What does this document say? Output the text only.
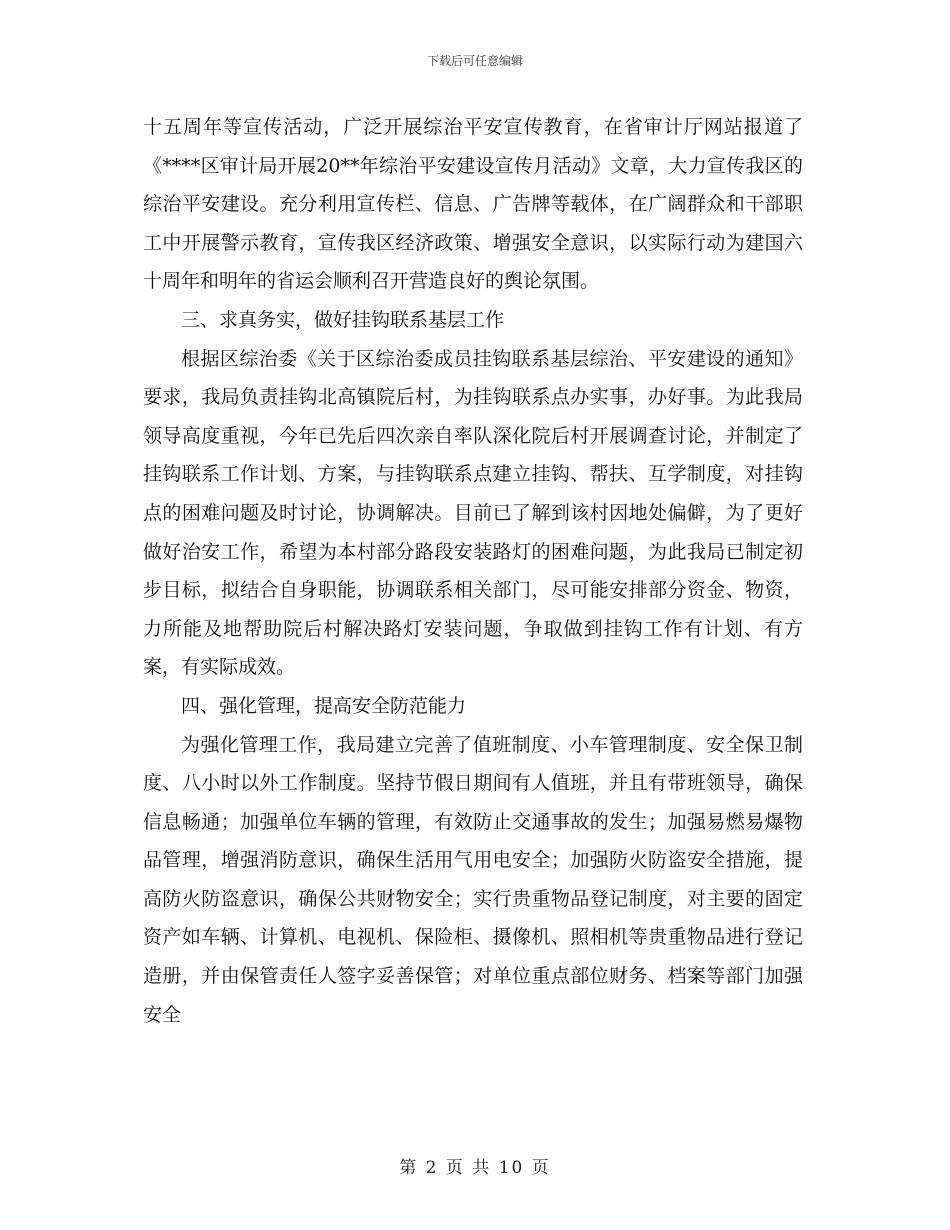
下载后可任意编辑

十五周年等宣传活动，广泛开展综治平安宣传教育，在省审计厅网站报道了《****区审计局开展20**年综治平安建设宣传月活动》文章，大力宣传我区的综治平安建设。充分利用宣传栏、信息、广告牌等载体，在广阔群众和干部职工中开展警示教育，宣传我区经济政策、增强安全意识，以实际行动为建国六十周年和明年的省运会顺利召开营造良好的舆论氛围。

三、求真务实，做好挂钩联系基层工作

根据区综治委《关于区综治委成员挂钩联系基层综治、平安建设的通知》要求，我局负责挂钩北高镇院后村，为挂钩联系点办实事，办好事。为此我局领导高度重视，今年已先后四次亲自率队深化院后村开展调查讨论，并制定了挂钩联系工作计划、方案，与挂钩联系点建立挂钩、帮扶、互学制度，对挂钩点的困难问题及时讨论，协调解决。目前已了解到该村因地处偏僻，为了更好做好治安工作，希望为本村部分路段安装路灯的困难问题，为此我局已制定初步目标，拟结合自身职能，协调联系相关部门，尽可能安排部分资金、物资，力所能及地帮助院后村解决路灯安装问题，争取做到挂钩工作有计划、有方案，有实际成效。

四、强化管理，提高安全防范能力

为强化管理工作，我局建立完善了值班制度、小车管理制度、安全保卫制度、八小时以外工作制度。坚持节假日期间有人值班，并且有带班领导，确保信息畅通；加强单位车辆的管理，有效防止交通事故的发生；加强易燃易爆物品管理，增强消防意识，确保生活用气用电安全；加强防火防盗安全措施，提高防火防盗意识，确保公共财物安全；实行贵重物品登记制度，对主要的固定资产如车辆、计算机、电视机、保险柜、摄像机、照相机等贵重物品进行登记造册，并由保管责任人签字妥善保管；对单位重点部位财务、档案等部门加强安全

第 2 页 共 10 页
